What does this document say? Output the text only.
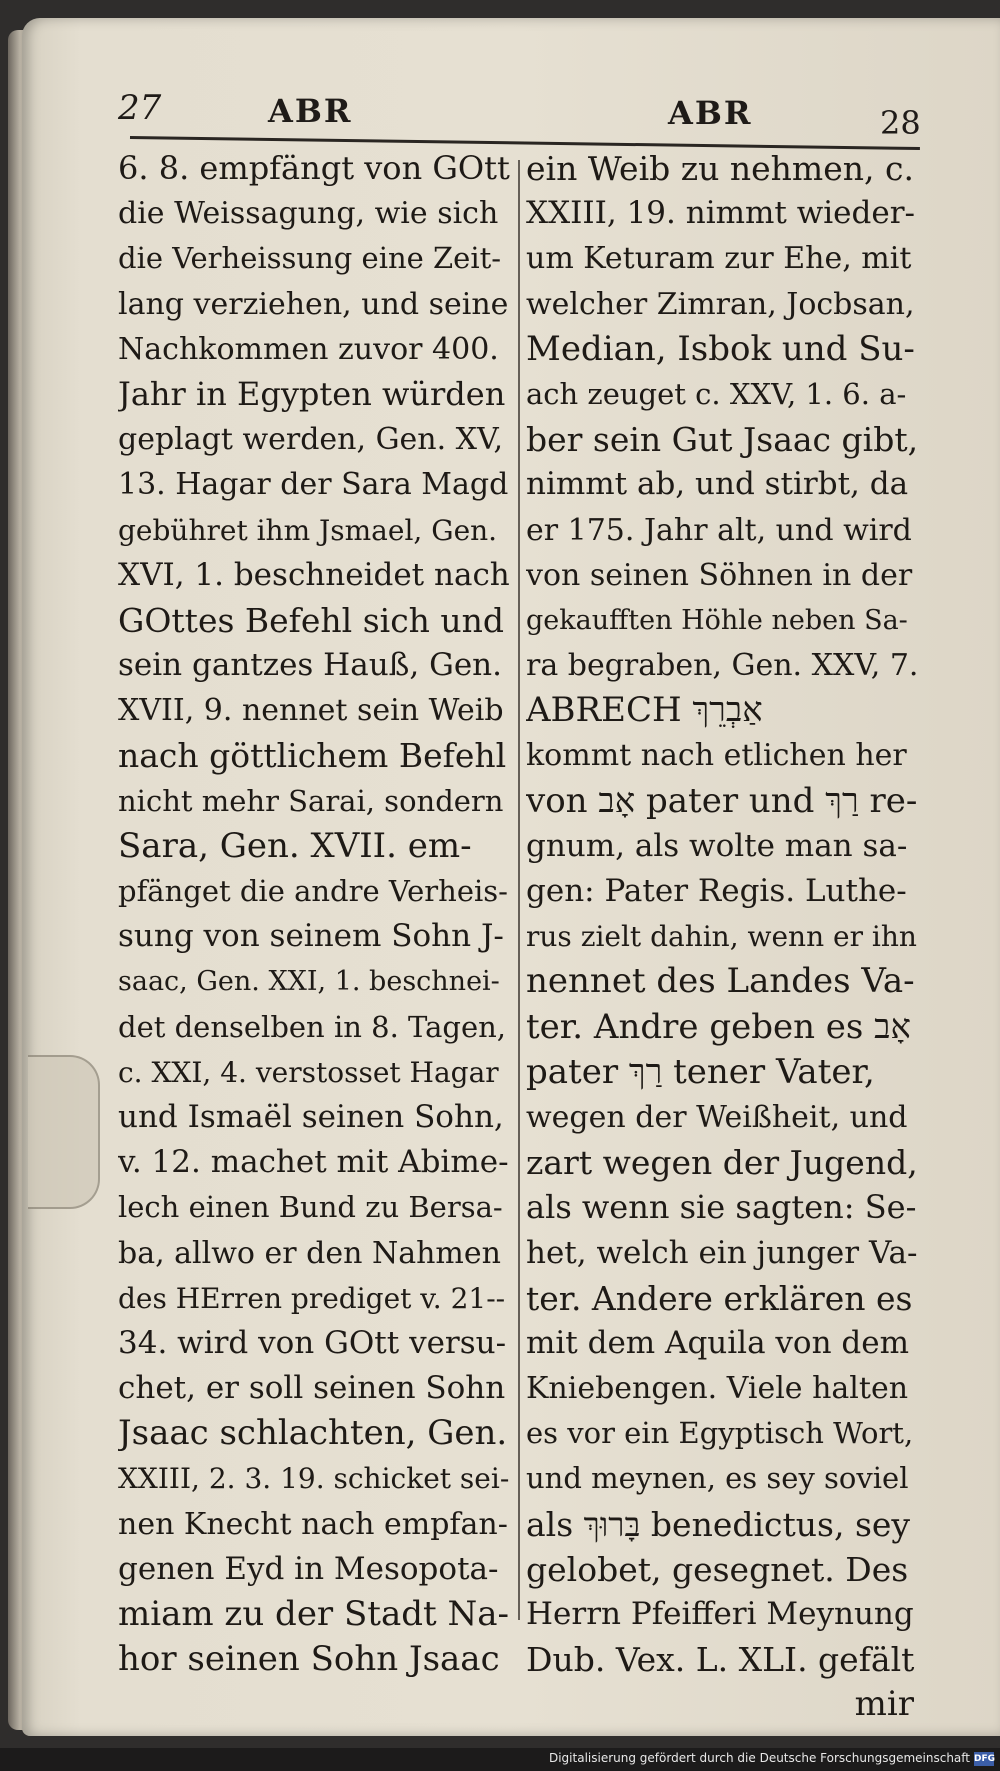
27	ABR	ABR	28
6. 8. empfängt von GOtt
die Weissagung, wie sich
die Verheissung eine Zeit-
lang verziehen, und seine
Nachkommen zuvor 400.
Jahr in Egypten würden
geplagt werden, Gen. XV,
13. Hagar der Sara Magd
gebühret ihm Jsmael, Gen.
XVI, 1. beschneidet nach
GOttes Befehl sich und
sein gantzes Hauß, Gen.
XVII, 9. nennet sein Weib
nach göttlichem Befehl
nicht mehr Sarai, sondern
Sara, Gen. XVII. em-
pfänget die andre Verheis-
sung von seinem Sohn J-
saac, Gen. XXI, 1. beschnei-
det denselben in 8. Tagen,
c. XXI, 4. verstosset Hagar
und Ismaël seinen Sohn,
v. 12. machet mit Abime-
lech einen Bund zu Bersa-
ba, allwo er den Nahmen
des HErren prediget v. 21--
34. wird von GOtt versu-
chet, er soll seinen Sohn
Jsaac schlachten, Gen.
XXIII, 2. 3. 19. schicket sei-
nen Knecht nach empfan-
genen Eyd in Mesopota-
miam zu der Stadt Na-
hor seinen Sohn Jsaac
ein Weib zu nehmen, c.
XXIII, 19. nimmt wieder-
um Keturam zur Ehe, mit
welcher Zimran, Jocbsan,
Median, Isbok und Su-
ach zeuget c. XXV, 1. 6. a-
ber sein Gut Jsaac gibt,
nimmt ab, und stirbt, da
er 175. Jahr alt, und wird
von seinen Söhnen in der
gekaufften Höhle neben Sa-
ra begraben, Gen. XXV, 7.
ABRECH אַבְרֵךְ
kommt nach etlichen her
von אָב pater und רַךְ re-
gnum, als wolte man sa-
gen: Pater Regis. Luthe-
rus zielt dahin, wenn er ihn
nennet des Landes Va-
ter. Andre geben es אָב
pater רַךְ tener Vater,
wegen der Weißheit, und
zart wegen der Jugend,
als wenn sie sagten: Se-
het, welch ein junger Va-
ter. Andere erklären es
mit dem Aquila von dem
Kniebengen. Viele halten
es vor ein Egyptisch Wort,
und meynen, es sey soviel
als בָּרוּךְ benedictus, sey
gelobet, gesegnet. Des
Herrn Pfeifferi Meynung
Dub. Vex. L. XLI. gefält
mir
Digitalisierung gefördert durch die Deutsche Forschungsgemeinschaft DFG
